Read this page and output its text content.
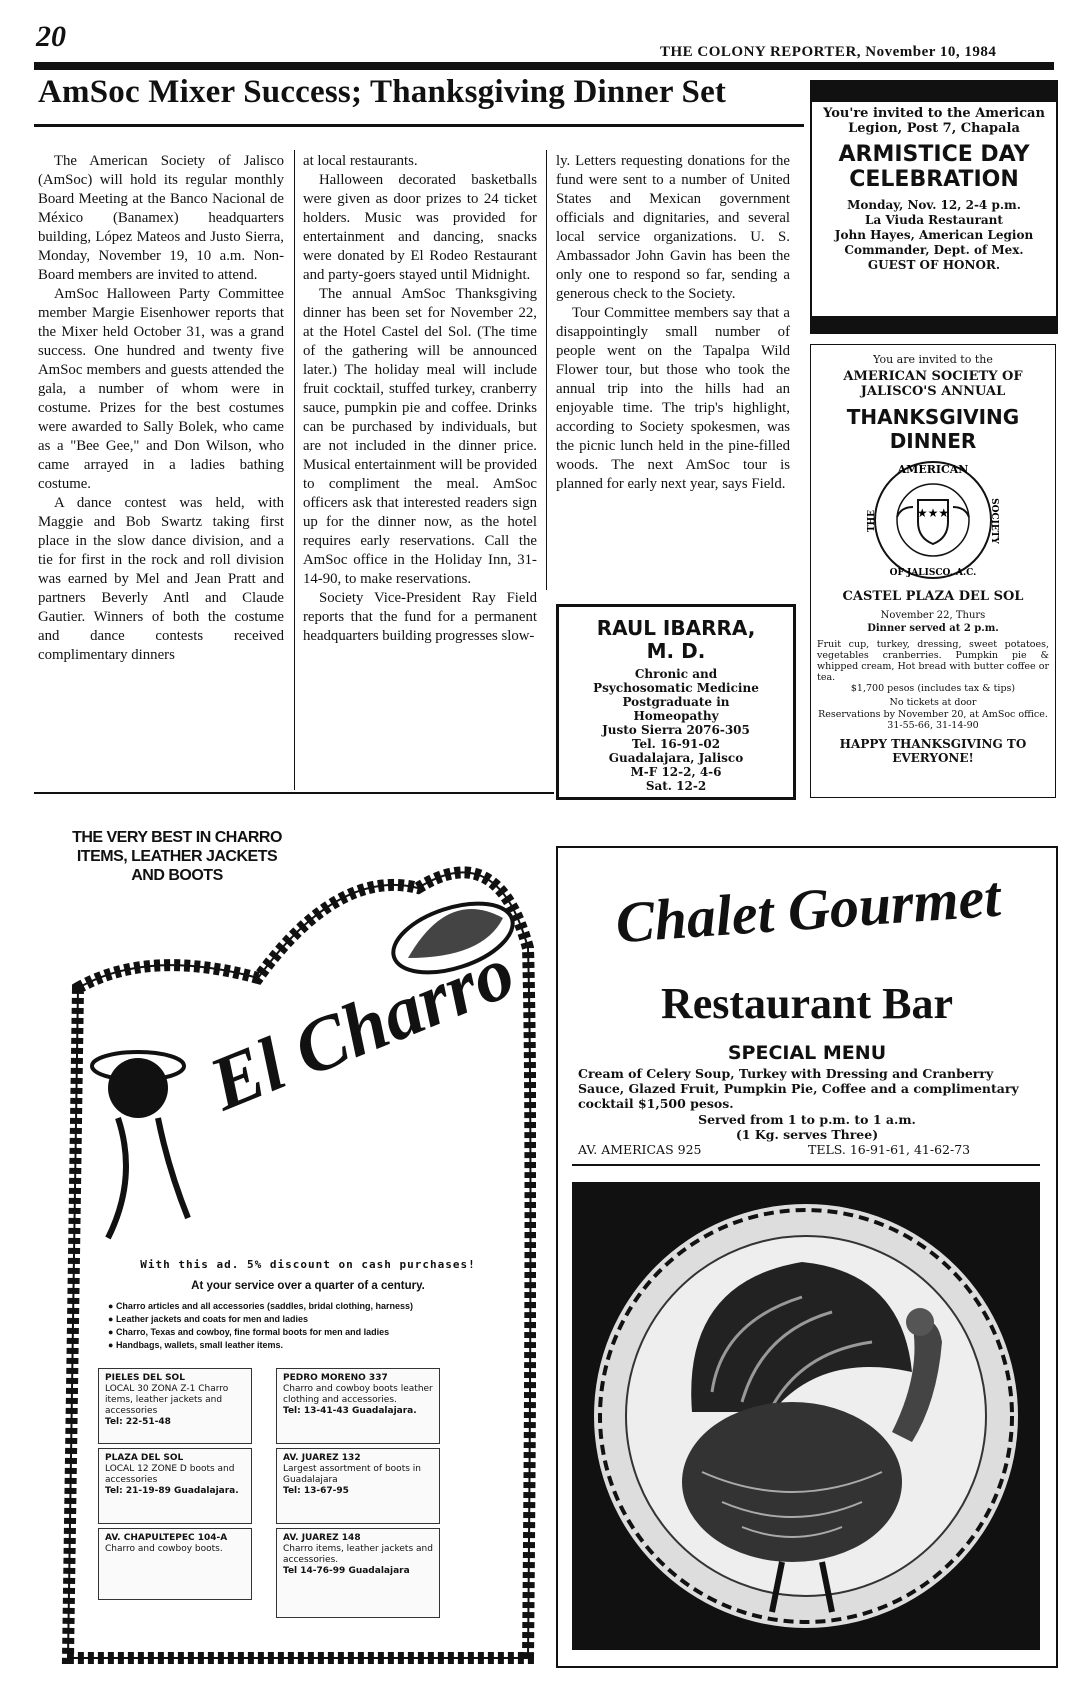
20	THE COLONY REPORTER, November 10, 1984
AmSoc Mixer Success; Thanksgiving Dinner Set

The American Society of Jalisco (AmSoc) will hold its regular monthly Board Meeting at the Banco Nacional de México (Banamex) headquarters building, López Mateos and Justo Sierra, Monday, November 19, 10 a.m. Non-Board members are invited to attend.

AmSoc Halloween Party Committee member Margie Eisenhower reports that the Mixer held October 31, was a grand success. One hundred and twenty five AmSoc members and guests attended the gala, a number of whom were in costume. Prizes for the best costumes were awarded to Sally Bolek, who came as a "Bee Gee," and Don Wilson, who came arrayed in a ladies bathing costume.

A dance contest was held, with Maggie and Bob Swartz taking first place in the slow dance division, and a tie for first in the rock and roll division was earned by Mel and Jean Pratt and partners Beverly Antl and Claude Gautier. Winners of both the costume and dance contests received complimentary dinners

at local restaurants.

Halloween decorated basketballs were given as door prizes to 24 ticket holders. Music was provided for entertainment and dancing, snacks were donated by El Rodeo Restaurant and party-goers stayed until Midnight.

The annual AmSoc Thanksgiving dinner has been set for November 22, at the Hotel Castel del Sol. (The time of the gathering will be announced later.) The holiday meal will include fruit cocktail, stuffed turkey, cranberry sauce, pumpkin pie and coffee. Drinks can be purchased by individuals, but are not included in the dinner price. Musical entertainment will be provided to compliment the meal. AmSoc officers ask that interested readers sign up for the dinner now, as the hotel requires early reservations. Call the AmSoc office in the Holiday Inn, 31-14-90, to make reservations.

Society Vice-President Ray Field reports that the fund for a permanent headquarters building progresses slow-

ly. Letters requesting donations for the fund were sent to a number of United States and Mexican government officials and dignitaries, and several local service organizations. U. S. Ambassador John Gavin has been the only one to respond so far, sending a generous check to the Society.

Tour Committee members say that a disappointingly small number of people went on the Tapalpa Wild Flower tour, but those who took the annual trip into the hills had an enjoyable time. The trip's highlight, according to Society spokesmen, was the picnic lunch held in the pine-filled woods. The next AmSoc tour is planned for early next year, says Field.

You're invited to the American Legion, Post 7, Chapala
ARMISTICE DAY CELEBRATION
Monday, Nov. 12, 2-4 p.m.
La Viuda Restaurant
John Hayes, American Legion Commander, Dept. of Mex.
GUEST OF HONOR.
You are invited to the
AMERICAN SOCIETY OF JALISCO'S ANNUAL
THANKSGIVING
DINNER
AMERICAN
SOCIETY
THE
OF JALISCO, A.C.
★★★
CASTEL PLAZA DEL SOL
November 22, Thurs
Dinner served at 2 p.m.
Fruit cup, turkey, dressing, sweet potatoes, vegetables cranberries. Pumpkin pie & whipped cream, Hot bread with butter coffee or tea.
$1,700 pesos (includes tax & tips)
No tickets at door
Reservations by November 20, at AmSoc office.
31-55-66, 31-14-90
HAPPY THANKSGIVING TO EVERYONE!
RAUL IBARRA,
M. D.
Chronic and
Psychosomatic Medicine
Postgraduate in
Homeopathy
Justo Sierra 2076-305
Tel. 16-91-02
Guadalajara, Jalisco
M-F 12-2, 4-6
Sat. 12-2
THE VERY BEST IN CHARRO ITEMS, LEATHER JACKETS AND BOOTS
El Charro
With this ad. 5% discount on cash purchases!
At your service over a quarter of a century.
● Charro articles and all accessories (saddles, bridal clothing, harness)
● Leather jackets and coats for men and ladies
● Charro, Texas and cowboy, fine formal boots for men and ladies
● Handbags, wallets, small leather items.
PIELES DEL SOL
LOCAL 30 ZONA Z-1 Charro items, leather jackets and accessories
Tel: 22-51-48
PEDRO MORENO 337
Charro and cowboy boots leather clothing and accessories.
Tel: 13-41-43 Guadalajara.
PLAZA DEL SOL
LOCAL 12 ZONE D boots and accessories
Tel: 21-19-89 Guadalajara.
AV. JUAREZ 132
Largest assortment of boots in Guadalajara
Tel: 13-67-95
AV. CHAPULTEPEC 104-A
Charro and cowboy boots.
AV. JUAREZ 148
Charro items, leather jackets and accessories.
Tel 14-76-99 Guadalajara
Chalet Gourmet
Restaurant Bar
SPECIAL MENU
Cream of Celery Soup, Turkey with Dressing and Cranberry Sauce, Glazed Fruit, Pumpkin Pie, Coffee and a complimentary cocktail $1,500 pesos.
Served from 1 to p.m. to 1 a.m.
(1 Kg. serves Three)
AV. AMERICAS 925	TELS. 16-91-61, 41-62-73
